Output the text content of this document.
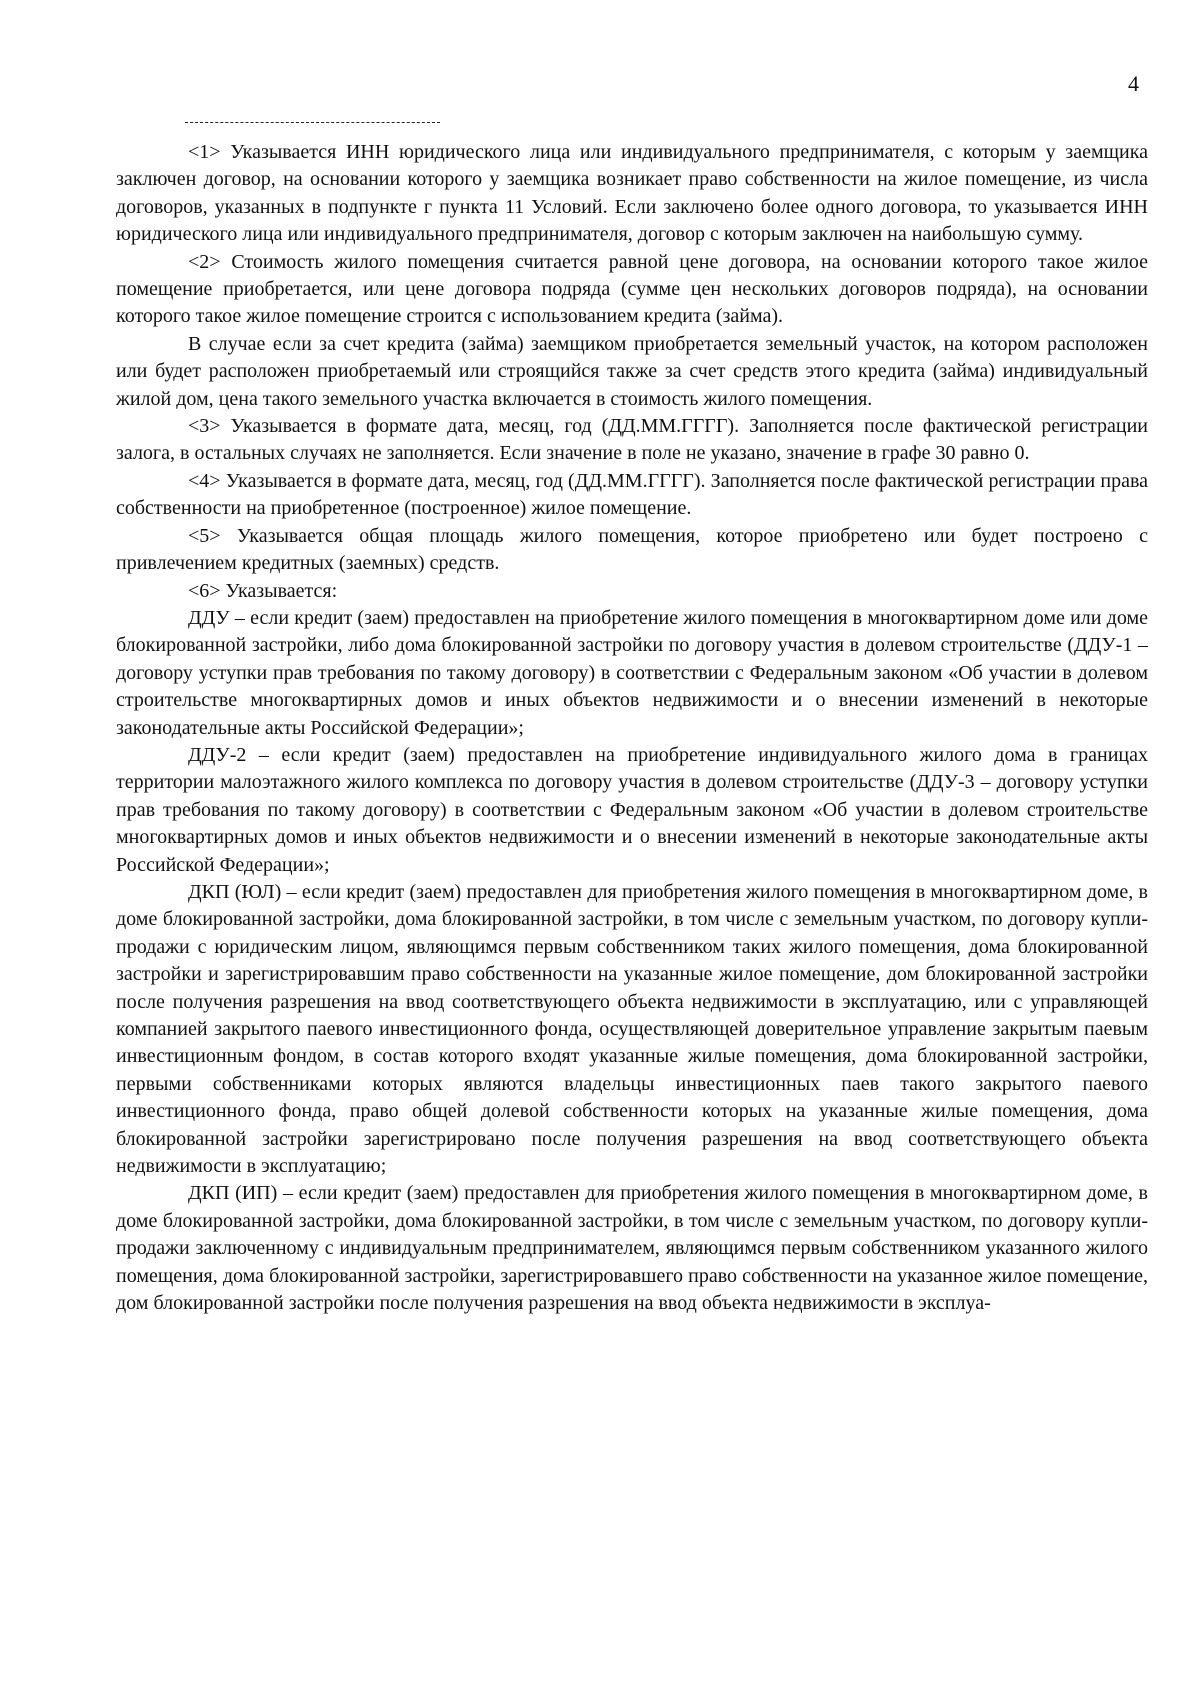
4

<1> Указывается ИНН юридического лица или индивидуального предпринимателя, с которым у заемщика заключен договор, на основании которого у заемщика возникает право собственности на жилое помещение, из числа договоров, указанных в подпункте г пункта 11 Условий. Если заключено более одного договора, то указывается ИНН юридического лица или индивидуального предпринимателя, договор с которым заключен на наибольшую сумму.

<2> Стоимость жилого помещения считается равной цене договора, на основании которого такое жилое помещение приобретается, или цене договора подряда (сумме цен нескольких договоров подряда), на основании которого такое жилое помещение строится с использованием кредита (займа).

В случае если за счет кредита (займа) заемщиком приобретается земельный участок, на котором расположен или будет расположен приобретаемый или строящийся также за счет средств этого кредита (займа) индивидуальный жилой дом, цена такого земельного участка включается в стоимость жилого помещения.

<3> Указывается в формате дата, месяц, год (ДД.ММ.ГГГГ). Заполняется после фактической регистрации залога, в остальных случаях не заполняется. Если значение в поле не указано, значение в графе 30 равно 0.

<4> Указывается в формате дата, месяц, год (ДД.ММ.ГГГГ). Заполняется после фактической регистрации права собственности на приобретенное (построенное) жилое помещение.

<5> Указывается общая площадь жилого помещения, которое приобретено или будет построено с привлечением кредитных (заемных) средств.

<6> Указывается:

ДДУ – если кредит (заем) предоставлен на приобретение жилого помещения в многоквартирном доме или доме блокированной застройки, либо дома блокированной застройки по договору участия в долевом строительстве (ДДУ-1 – договору уступки прав требования по такому договору) в соответствии с Федеральным законом «Об участии в долевом строительстве многоквартирных домов и иных объектов недвижимости и о внесении изменений в некоторые законодательные акты Российской Федерации»;

ДДУ-2 – если кредит (заем) предоставлен на приобретение индивидуального жилого дома в границах территории малоэтажного жилого комплекса по договору участия в долевом строительстве (ДДУ-3 – договору уступки прав требования по такому договору) в соответствии с Федеральным законом «Об участии в долевом строительстве многоквартирных домов и иных объектов недвижимости и о внесении изменений в некоторые законодательные акты Российской Федерации»;

ДКП (ЮЛ) – если кредит (заем) предоставлен для приобретения жилого помещения в многоквартирном доме, в доме блокированной застройки, дома блокированной застройки, в том числе с земельным участком, по договору купли-продажи с юридическим лицом, являющимся первым собственником таких жилого помещения, дома блокированной застройки и зарегистрировавшим право собственности на указанные жилое помещение, дом блокированной застройки после получения разрешения на ввод соответствующего объекта недвижимости в эксплуатацию, или с управляющей компанией закрытого паевого инвестиционного фонда, осуществляющей доверительное управление закрытым паевым инвестиционным фондом, в состав которого входят указанные жилые помещения, дома блокированной застройки, первыми собственниками которых являются владельцы инвестиционных паев такого закрытого паевого инвестиционного фонда, право общей долевой собственности которых на указанные жилые помещения, дома блокированной застройки зарегистрировано после получения разрешения на ввод соответствующего объекта недвижимости в эксплуатацию;

ДКП (ИП) – если кредит (заем) предоставлен для приобретения жилого помещения в многоквартирном доме, в доме блокированной застройки, дома блокированной застройки, в том числе с земельным участком, по договору купли-продажи заключенному с индивидуальным предпринимателем, являющимся первым собственником указанного жилого помещения, дома блокированной застройки, зарегистрировавшего право собственности на указанное жилое помещение, дом блокированной застройки после получения разрешения на ввод объекта недвижимости в эксплуа-
